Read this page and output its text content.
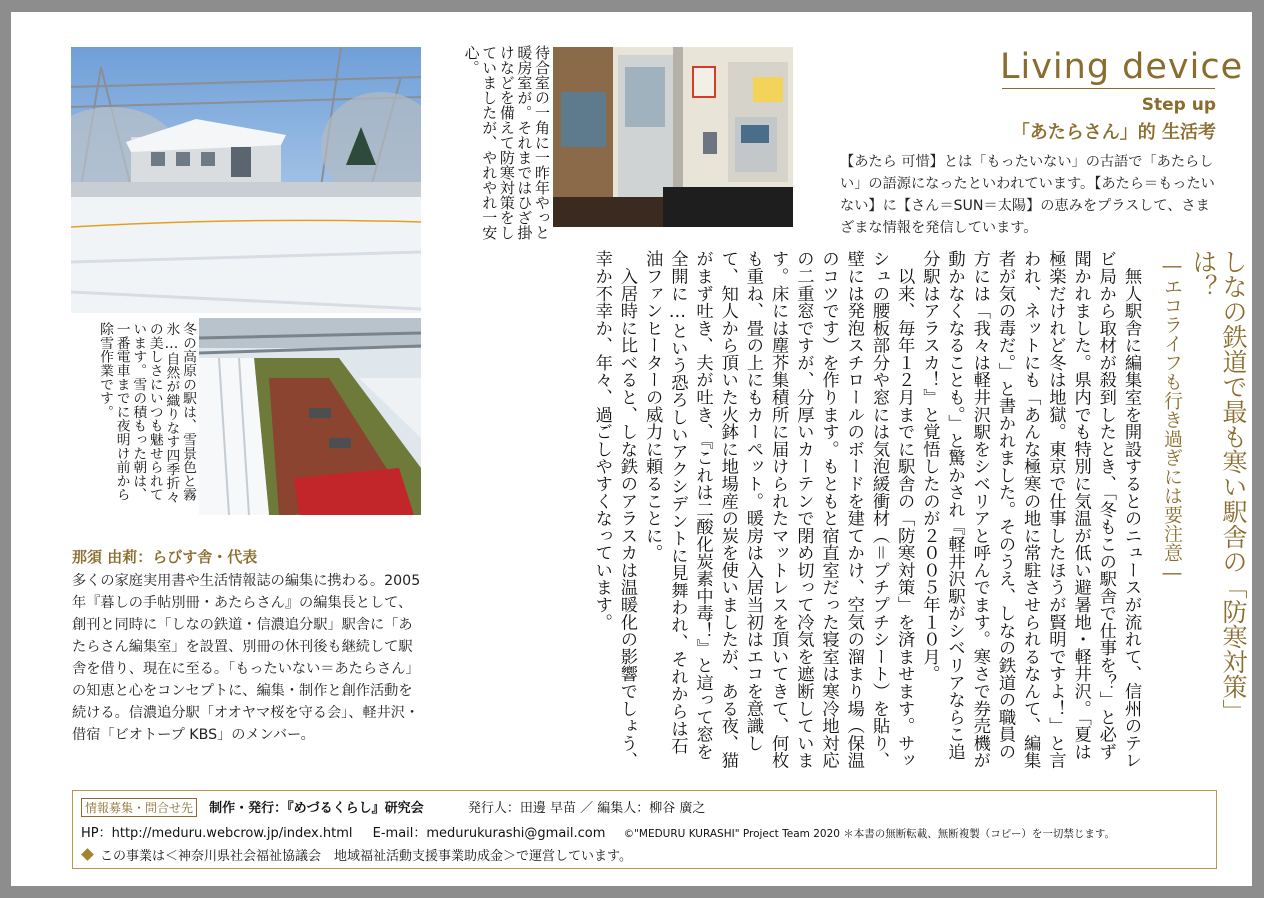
Living device
Step up
「あたらさん」的 生活考
【あたら 可惜】とは「もったいない」の古語で「あたらしい」の語源になったといわれています。【あたら＝もったいない】に【さん＝SUN＝太陽】の恵みをプラスして、さまざまな情報を発信しています。
しなの鉄道で最も寒い駅舎の「防寒対策」は？
―エコライフも行き過ぎには要注意―
　無人駅舎に編集室を開設するとのニュースが流れて、信州のテレビ局から取材が殺到したとき、「冬もこの駅舎で仕事を？」と必ず聞かれました。県内でも特別に気温が低い避暑地・軽井沢。「夏は極楽だけれど冬は地獄。東京で仕事したほうが賢明ですよ！」と言われ、ネットにも「あんな極寒の地に常駐させられるなんて、編集者が気の毒だ。」と書かれました。そのうえ、しなの鉄道の職員の方には「我々は軽井沢駅をシベリアと呼んでます。寒さで券売機が動かなくなることも。」と驚かされ『軽井沢駅がシベリアならこ追分駅はアラスカ！』と覚悟したのが２００５年１０月。
　以来、毎年１２月までに駅舎の「防寒対策」を済ませます。サッシュの腰板部分や窓には気泡緩衝材（＝プチプチシート）を貼り、壁には発泡スチロールのボードを建てかけ、空気の溜まり場（保温のコツです）を作ります。もともと宿直室だった寝室は寒冷地対応の二重窓ですが、分厚いカーテンで閉め切って冷気を遮断しています。床には塵芥集積所に届けられたマットレスを頂いてきて、何枚も重ね、畳の上にもカーペット。暖房は入居当初はエコを意識して、知人から頂いた火鉢に地場産の炭を使いましたが、ある夜、猫がまず吐き、夫が吐き、『これは二酸化炭素中毒！』と這って窓を全開に…という恐ろしいアクシデントに見舞われ、それからは石油ファンヒーターの威力に頼ることに。
　入居時に比べると、しな鉄のアラスカは温暖化の影響でしょう、幸か不幸か、年々、過ごしやすくなっています。
待合室の一角に一昨年やっと暖房室が。それまではひざ掛けなどを備えて防寒対策をしていましたが、やれやれ一安心。
冬の高原の駅は、雪景色と霧氷…自然が織りなす四季折々の美しさにいつも魅せられています。雪の積もった朝は、一番電車までに夜明け前から除雪作業です。
那須 由莉：らびす舎・代表
多くの家庭実用書や生活情報誌の編集に携わる。2005年『暮しの手帖別冊・あたらさん』の編集長として、創刊と同時に「しなの鉄道・信濃追分駅」駅舎に「あたらさん編集室」を設置、別冊の休刊後も継続して駅舎を借り、現在に至る。「もったいない＝あたらさん」の知恵と心をコンセプトに、編集・制作と創作活動を続ける。信濃追分駅「オオヤマ桜を守る会」、軽井沢・借宿「ビオトープ KBS」のメンバー。
情報募集・問合せ先 制作・発行：『めづるくらし』研究会	発行人：田邊 早苗 ／ 編集人：柳谷 廣之
HP：http://meduru.webcrow.jp/index.html E-mail：medurukurashi@gmail.com ©"MEDURU KURASHI" Project Team 2020 ＊本書の無断転載、無断複製（コピー）を一切禁じます。
この事業は＜神奈川県社会福祉協議会　地域福祉活動支援事業助成金＞で運営しています。
